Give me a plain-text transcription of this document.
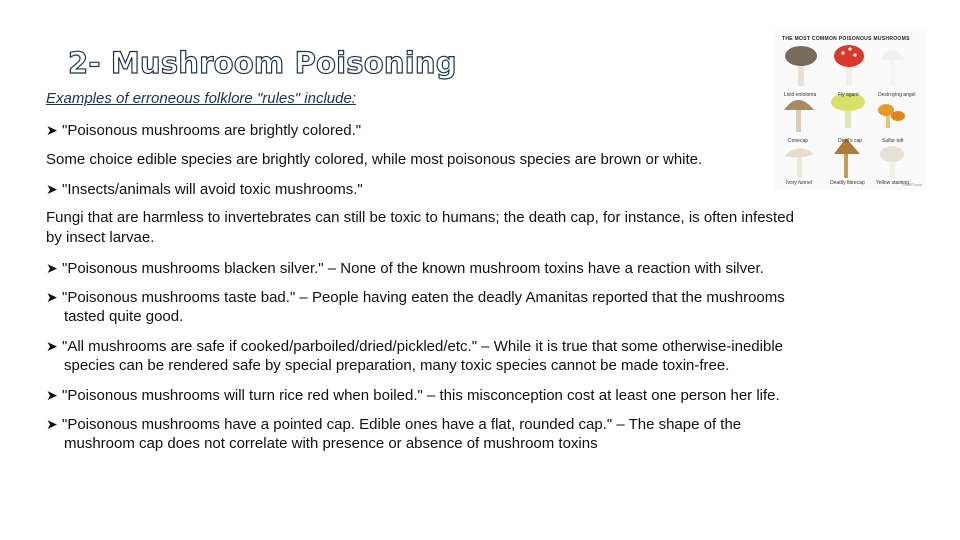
2- Mushroom Poisoning
Examples of erroneous folklore "rules" include:
➤ "Poisonous mushrooms are brightly colored."
Some choice edible species are brightly colored, while most poisonous species are brown or white.
➤ "Insects/animals will avoid toxic mushrooms."
Fungi that are harmless to invertebrates can still be toxic to humans; the death cap, for instance, is often infested
by insect larvae.
➤ "Poisonous mushrooms blacken silver." – None of the known mushroom toxins have a reaction with silver.
➤ "Poisonous mushrooms taste bad." – People having eaten the deadly Amanitas reported that the mushrooms
tasted quite good.
➤ "All mushrooms are safe if cooked/parboiled/dried/pickled/etc." – While it is true that some otherwise-inedible
species can be rendered safe by special preparation, many toxic species cannot be made toxin-free.
➤ "Poisonous mushrooms will turn rice red when boiled." – this misconception cost at least one person her life.
➤ "Poisonous mushrooms have a pointed cap. Edible ones have a flat, rounded cap." – The shape of the
mushroom cap does not correlate with presence or absence of mushroom toxins
THE MOST COMMON POISONOUS MUSHROOMS
Livid entoloma	Fly agaric	Destroying angel
Conecap	Devil's cap	Sulfur tuft
Ivory funnel	Deadly fibrecap Yellow staining
123RF.com
